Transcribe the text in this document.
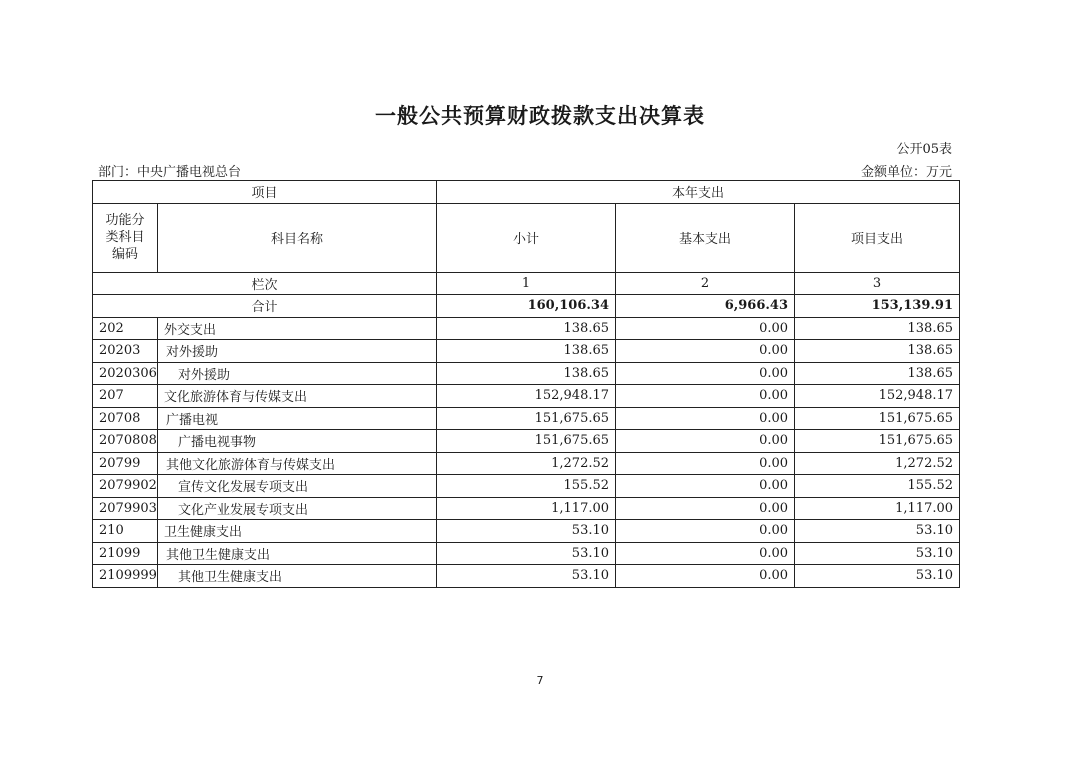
一般公共预算财政拨款支出决算表
公开05表
部门：中央广播电视总台	金额单位：万元
项目		本年支出		

功能分
类科目
编码	科目名称	小计	基本支出	项目支出
栏次		1	2	3
合计		160,106.34	6,966.43	153,139.91
202	外交支出	138.65	0.00	138.65
20203	对外援助	138.65	0.00	138.65
2020306	对外援助	138.65	0.00	138.65
207	文化旅游体育与传媒支出	152,948.17	0.00	152,948.17
20708	广播电视	151,675.65	0.00	151,675.65
2070808	广播电视事物	151,675.65	0.00	151,675.65
20799	其他文化旅游体育与传媒支出	1,272.52	0.00	1,272.52
2079902	宣传文化发展专项支出	155.52	0.00	155.52
2079903	文化产业发展专项支出	1,117.00	0.00	1,117.00
210	卫生健康支出	53.10	0.00	53.10
21099	其他卫生健康支出	53.10	0.00	53.10
2109999	其他卫生健康支出	53.10	0.00	53.10
7
